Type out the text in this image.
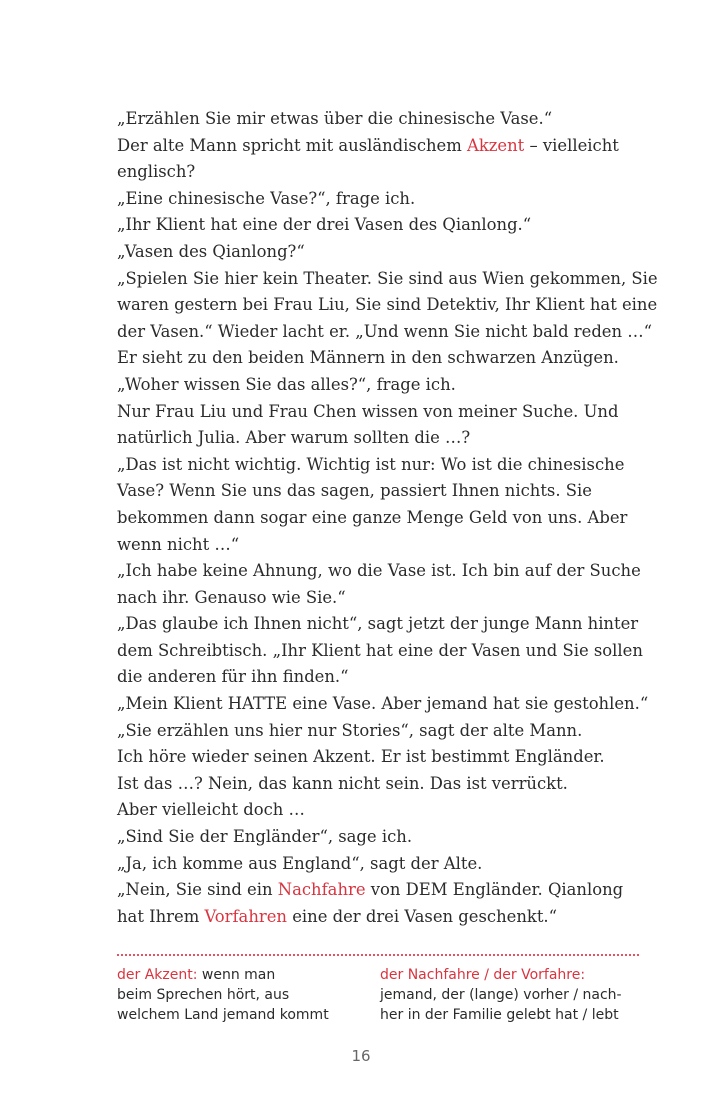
„Erzählen Sie mir etwas über die chinesische Vase.“
Der alte Mann spricht mit ausländischem Akzent – vielleicht
englisch?
„Eine chinesische Vase?“, frage ich.
„Ihr Klient hat eine der drei Vasen des Qianlong.“
„Vasen des Qianlong?“
„Spielen Sie hier kein Theater. Sie sind aus Wien gekommen, Sie
waren gestern bei Frau Liu, Sie sind Detektiv, Ihr Klient hat eine
der Vasen.“ Wieder lacht er. „Und wenn Sie nicht bald reden …“
Er sieht zu den beiden Männern in den schwarzen Anzügen.
„Woher wissen Sie das alles?“, frage ich.
Nur Frau Liu und Frau Chen wissen von meiner Suche. Und
natürlich Julia. Aber warum sollten die …?
„Das ist nicht wichtig. Wichtig ist nur: Wo ist die chinesische
Vase? Wenn Sie uns das sagen, passiert Ihnen nichts. Sie
bekommen dann sogar eine ganze Menge Geld von uns. Aber
wenn nicht …“
„Ich habe keine Ahnung, wo die Vase ist. Ich bin auf der Suche
nach ihr. Genauso wie Sie.“
„Das glaube ich Ihnen nicht“, sagt jetzt der junge Mann hinter
dem Schreibtisch. „Ihr Klient hat eine der Vasen und Sie sollen
die anderen für ihn finden.“
„Mein Klient HATTE eine Vase. Aber jemand hat sie gestohlen.“
„Sie erzählen uns hier nur Stories“, sagt der alte Mann.
Ich höre wieder seinen Akzent. Er ist bestimmt Engländer.
Ist das …? Nein, das kann nicht sein. Das ist verrückt.
Aber vielleicht doch …
„Sind Sie der Engländer“, sage ich.
„Ja, ich komme aus England“, sagt der Alte.
„Nein, Sie sind ein Nachfahre von DEM Engländer. Qianlong
hat Ihrem Vorfahren eine der drei Vasen geschenkt.“
der Akzent: wenn man
beim Sprechen hört, aus
welchem Land jemand kommt
der Nachfahre / der Vorfahre:
jemand, der (lange) vorher / nach-
her in der Familie gelebt hat / lebt
16
